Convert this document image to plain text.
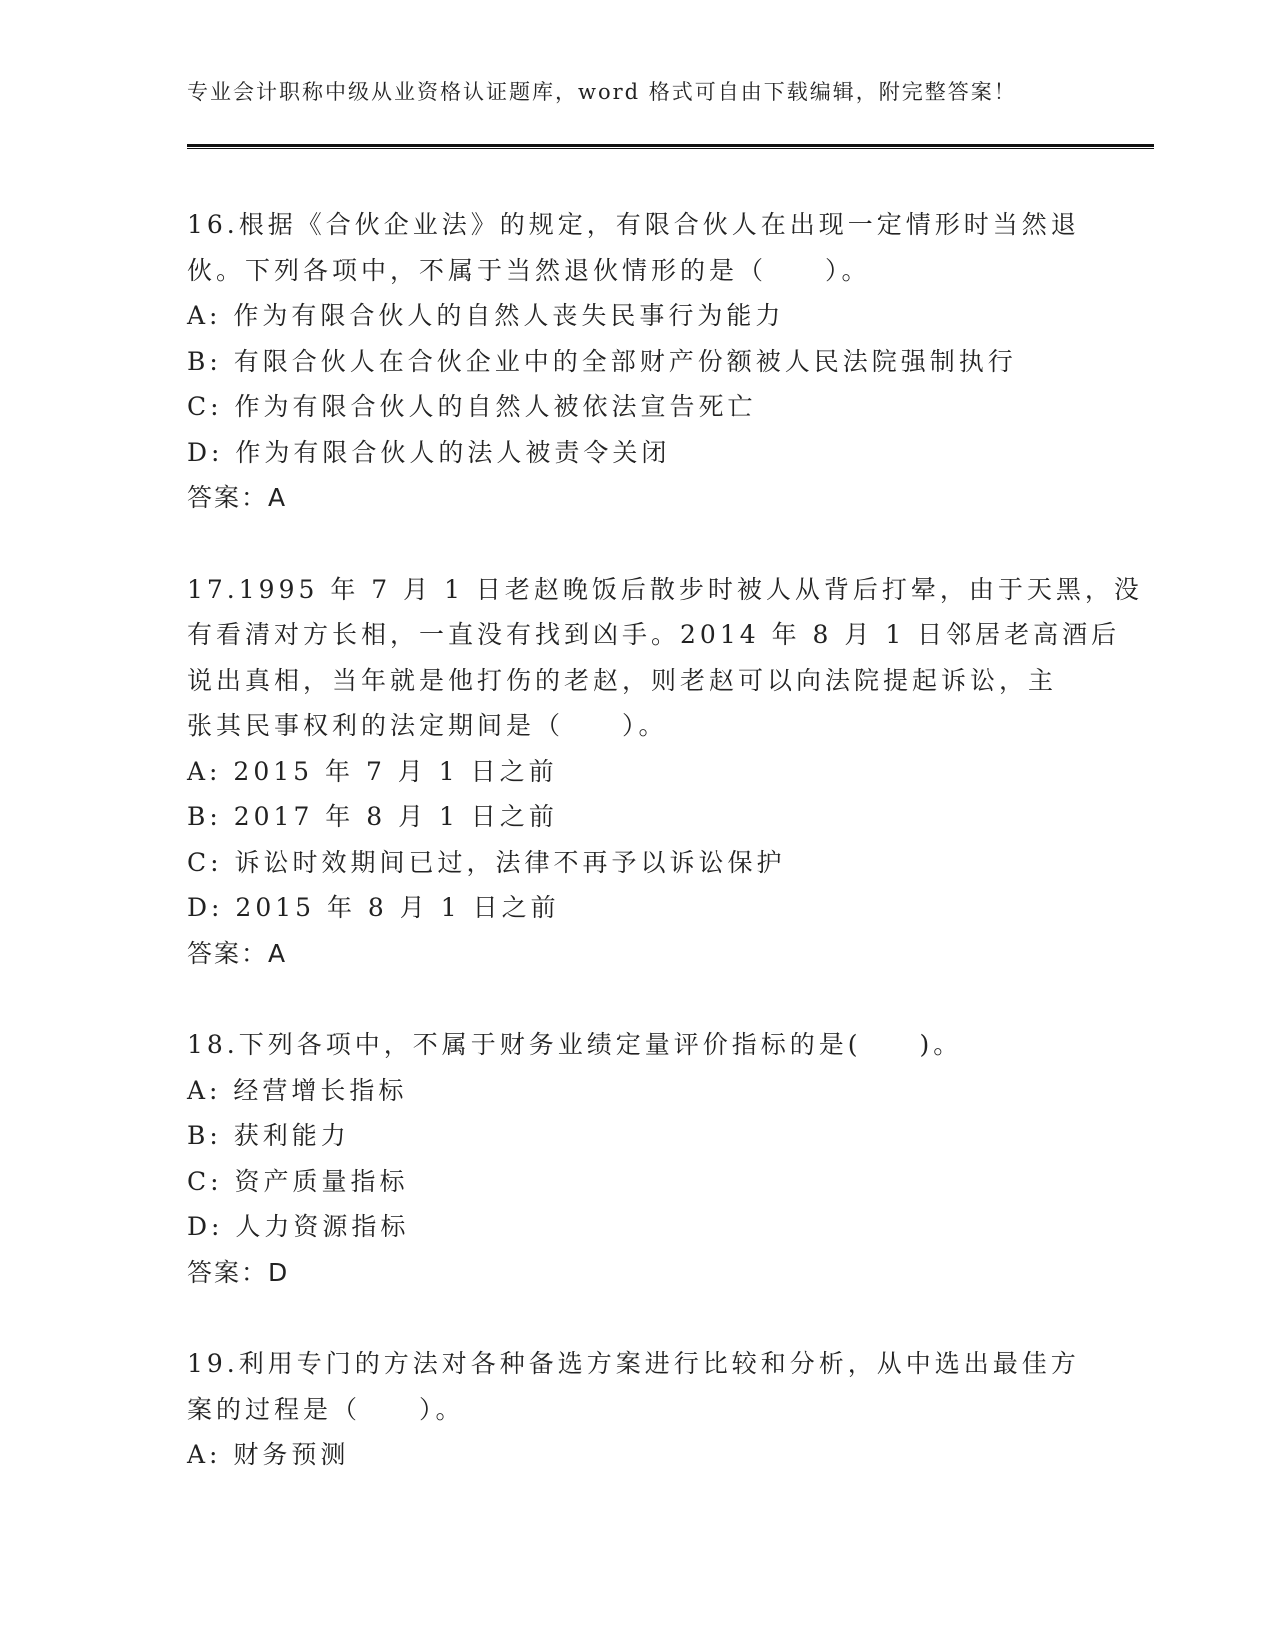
专业会计职称中级从业资格认证题库，word 格式可自由下载编辑，附完整答案！
16.根据《合伙企业法》的规定，有限合伙人在出现一定情形时当然退
伙。下列各项中，不属于当然退伙情形的是（　　）。
A: 作为有限合伙人的自然人丧失民事行为能力
B: 有限合伙人在合伙企业中的全部财产份额被人民法院强制执行
C: 作为有限合伙人的自然人被依法宣告死亡
D: 作为有限合伙人的法人被责令关闭
答案：A
17.1995 年 7 月 1 日老赵晚饭后散步时被人从背后打晕，由于天黑，没
有看清对方长相，一直没有找到凶手。2014 年 8 月 1 日邻居老高酒后
说出真相，当年就是他打伤的老赵，则老赵可以向法院提起诉讼，主
张其民事权利的法定期间是（　　）。
A: 2015 年 7 月 1 日之前
B: 2017 年 8 月 1 日之前
C: 诉讼时效期间已过，法律不再予以诉讼保护
D: 2015 年 8 月 1 日之前
答案：A
18.下列各项中，不属于财务业绩定量评价指标的是(　　)。
A: 经营增长指标
B: 获利能力
C: 资产质量指标
D: 人力资源指标
答案：D
19.利用专门的方法对各种备选方案进行比较和分析，从中选出最佳方
案的过程是（　　）。
A: 财务预测
